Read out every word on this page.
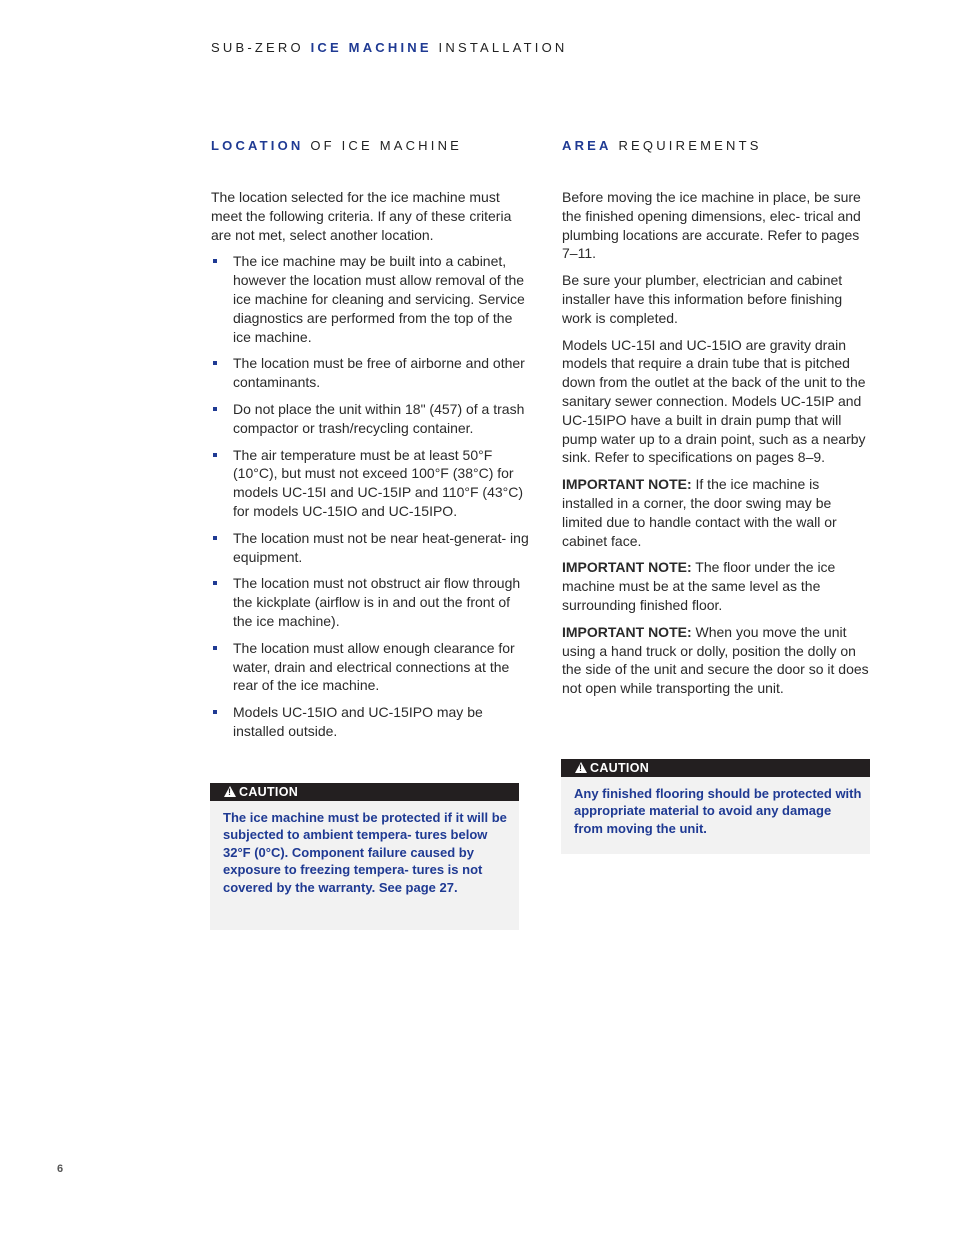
SUB-ZERO ICE MACHINE INSTALLATION
LOCATION OF ICE MACHINE

The location selected for the ice machine must meet the following criteria. If any of these criteria are not met, select another location.

The ice machine may be built into a cabinet, however the location must allow removal of the ice machine for cleaning and servicing. Service diagnostics are performed from the top of the ice machine.
The location must be free of airborne and other contaminants.
Do not place the unit within 18" (457) of a trash compactor or trash/recycling container.
The air temperature must be at least 50°F (10°C), but must not exceed 100°F (38°C) for models UC-15I and UC-15IP and 110°F (43°C) for models UC-15IO and UC-15IPO.
The location must not be near heat-generat- ing equipment.
The location must not obstruct air flow through the kickplate (airflow is in and out the front of the ice machine).
The location must allow enough clearance for water, drain and electrical connections at the rear of the ice machine.
Models UC-15IO and UC-15IPO may be installed outside.
!CAUTION
The ice machine must be protected if it will be subjected to ambient tempera- tures below 32°F (0°C). Component failure caused by exposure to freezing tempera- tures is not covered by the warranty. See page 27.
AREA REQUIREMENTS

Before moving the ice machine in place, be sure the finished opening dimensions, elec- trical and plumbing locations are accurate. Refer to pages 7–11.

Be sure your plumber, electrician and cabinet installer have this information before finishing work is completed.

Models UC-15I and UC-15IO are gravity drain models that require a drain tube that is pitched down from the outlet at the back of the unit to the sanitary sewer connection. Models UC-15IP and UC-15IPO have a built in drain pump that will pump water up to a drain point, such as a nearby sink. Refer to specifications on pages 8–9.

IMPORTANT NOTE: If the ice machine is installed in a corner, the door swing may be limited due to handle contact with the wall or cabinet face.

IMPORTANT NOTE: The floor under the ice machine must be at the same level as the surrounding finished floor.

IMPORTANT NOTE: When you move the unit using a hand truck or dolly, position the dolly on the side of the unit and secure the door so it does not open while transporting the unit.

!CAUTION
Any finished flooring should be protected with appropriate material to avoid any damage from moving the unit.
6
